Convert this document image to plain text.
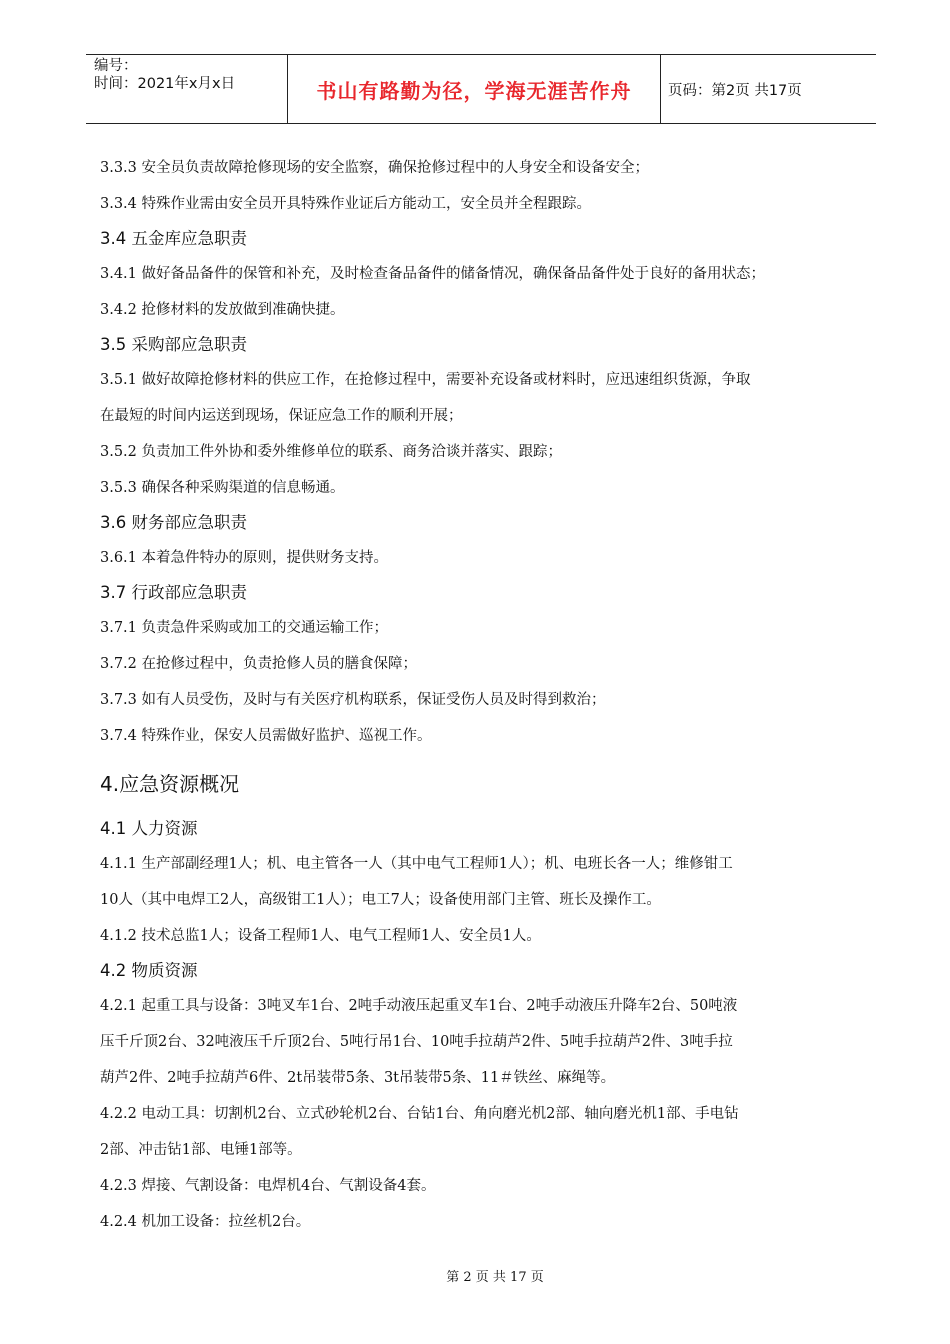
编号：
时间：2021年x月x日	书山有路勤为径，学海无涯苦作舟	页码：第2页 共17页
3.3.3 安全员负责故障抢修现场的安全监察，确保抢修过程中的人身安全和设备安全；
3.3.4 特殊作业需由安全员开具特殊作业证后方能动工，安全员并全程跟踪。
3.4 五金库应急职责
3.4.1 做好备品备件的保管和补充，及时检查备品备件的储备情况，确保备品备件处于良好的备用状态；
3.4.2 抢修材料的发放做到准确快捷。
3.5 采购部应急职责
3.5.1 做好故障抢修材料的供应工作，在抢修过程中，需要补充设备或材料时，应迅速组织货源，争取
在最短的时间内运送到现场，保证应急工作的顺利开展；
3.5.2 负责加工件外协和委外维修单位的联系、商务洽谈并落实、跟踪；
3.5.3 确保各种采购渠道的信息畅通。
3.6 财务部应急职责
3.6.1 本着急件特办的原则，提供财务支持。
3.7 行政部应急职责
3.7.1 负责急件采购或加工的交通运输工作；
3.7.2 在抢修过程中，负责抢修人员的膳食保障；
3.7.3 如有人员受伤，及时与有关医疗机构联系，保证受伤人员及时得到救治；
3.7.4 特殊作业，保安人员需做好监护、巡视工作。
4.应急资源概况
4.1 人力资源
4.1.1 生产部副经理1人；机、电主管各一人（其中电气工程师1人）；机、电班长各一人；维修钳工
10人（其中电焊工2人，高级钳工1人）；电工7人；设备使用部门主管、班长及操作工。
4.1.2 技术总监1人；设备工程师1人、电气工程师1人、安全员1人。
4.2 物质资源
4.2.1 起重工具与设备：3吨叉车1台、2吨手动液压起重叉车1台、2吨手动液压升降车2台、50吨液
压千斤顶2台、32吨液压千斤顶2台、5吨行吊1台、10吨手拉葫芦2件、5吨手拉葫芦2件、3吨手拉
葫芦2件、2吨手拉葫芦6件、2t吊装带5条、3t吊装带5条、11＃铁丝、麻绳等。
4.2.2 电动工具：切割机2台、立式砂轮机2台、台钻1台、角向磨光机2部、轴向磨光机1部、手电钻
2部、冲击钻1部、电锤1部等。
4.2.3 焊接、气割设备：电焊机4台、气割设备4套。
4.2.4 机加工设备：拉丝机2台。
第 2 页 共 17 页
